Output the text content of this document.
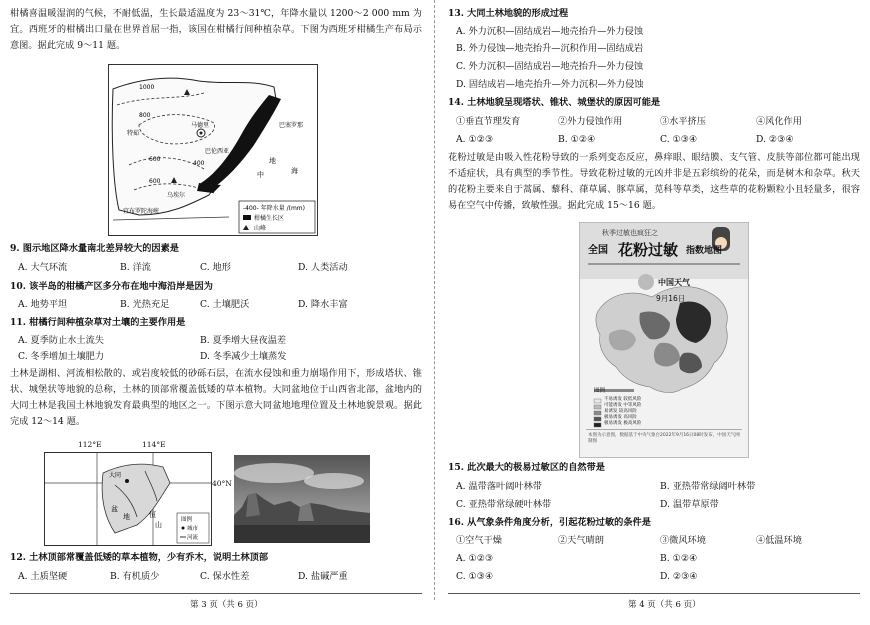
柑橘喜温暖湿润的气候，不耐低温，生长最适温度为 23～31℃，年降水量以 1200～2 000 mm 为宜。西班牙的柑橘出口量在世界首屈一指，该国在柑橘行间种植杂草。下图为西班牙柑橘生产布局示意图。据此完成 9～11 题。
-400- 年降水量 /(mm)
柑橘生长区
山峰
巴塞罗那
马德里
巴伦西亚
地
海
中
乌埃尔
宜布罗陀海峡
特茹
1000
800
600
400
600
9. 图示地区降水量南北差异较大的因素是
A. 大气环流	B. 洋流	C. 地形	D. 人类活动
10. 该半岛的柑橘产区多分布在地中海沿岸是因为
A. 地势平坦	B. 光热充足	C. 土壤肥沃	D. 降水丰富
11. 柑橘行间种植杂草对土壤的主要作用是
A. 夏季防止水土流失	B. 夏季增大昼夜温差
C. 冬季增加土壤肥力	D. 冬季减少土壤蒸发
土林是湖相、河流相松散的、或岩度较低的砂砾石层，在流水侵蚀和重力崩塌作用下，形成塔状、锥状、城堡状等地貌的总称，土林的顶部常覆盖低矮的草本植物。大同盆地位于山西省北部，盆地内的大同土林是我国土林地貌发育最典型的地区之一。下图示意大同盆地地理位置及土林地貌景观。据此完成 12～14 题。
大同
盆
地	恒
山
图例
城市
河流
112°E	114°E
40°N
12. 土林顶部常覆盖低矮的草本植物，少有乔木，说明土林顶部
A. 土质坚硬	B. 有机质少	C. 保水性差	D. 盐碱严重
第 3 页（共 6 页）
13. 大同土林地貌的形成过程
A. 外力沉积—固结成岩—地壳抬升—外力侵蚀
B. 外力侵蚀—地壳抬升—沉积作用—固结成岩
C. 外力沉积—固结成岩—地壳抬升—外力侵蚀
D. 固结成岩—地壳抬升—外力沉积—外力侵蚀
14. 土林地貌呈现塔状、锥状、城堡状的原因可能是
①垂直节理发育	②外力侵蚀作用	③水平挤压	④风化作用
A. ①②③	B. ①②④	C. ①③④	D. ②③④
花粉过敏是由吸入性花粉导致的一系列变态反应，鼻痒眼、眼结膜、支气管、皮肤等部位都可能出现不适症状，具有典型的季节性。导致花粉过敏的元凶并非是五彩缤纷的花朵，而是树木和杂草。秋天的花粉主要来自于蒿属、藜科、葎草属、豚草属，苋科等草类，这些草的花粉颗粒小且轻量多，很容易在空气中传播，致敏性强。据此完成 15～16 题。
秋季过敏也疯狂之
全国 花粉过敏 指数地图
中国天气
9月16日
图例
不易诱发 较低风险
可能诱发 中等风险
易诱发 较高风险
极易诱发 高风险
极易诱发 极高风险
本图为示意图，数据基于中央气象台2022年9月16日08时发布，中国天气网制图
15. 此次最大的极易过敏区的自然带是
A. 温带落叶阔叶林带	B. 亚热带常绿阔叶林带
C. 亚热带常绿硬叶林带	D. 温带草原带
16. 从气象条件角度分析，引起花粉过敏的条件是
①空气干燥	②天气晴朗	③微风环境	④低温环境
A. ①②③	B. ①②④
C. ①③④	D. ②③④
第 4 页（共 6 页）
